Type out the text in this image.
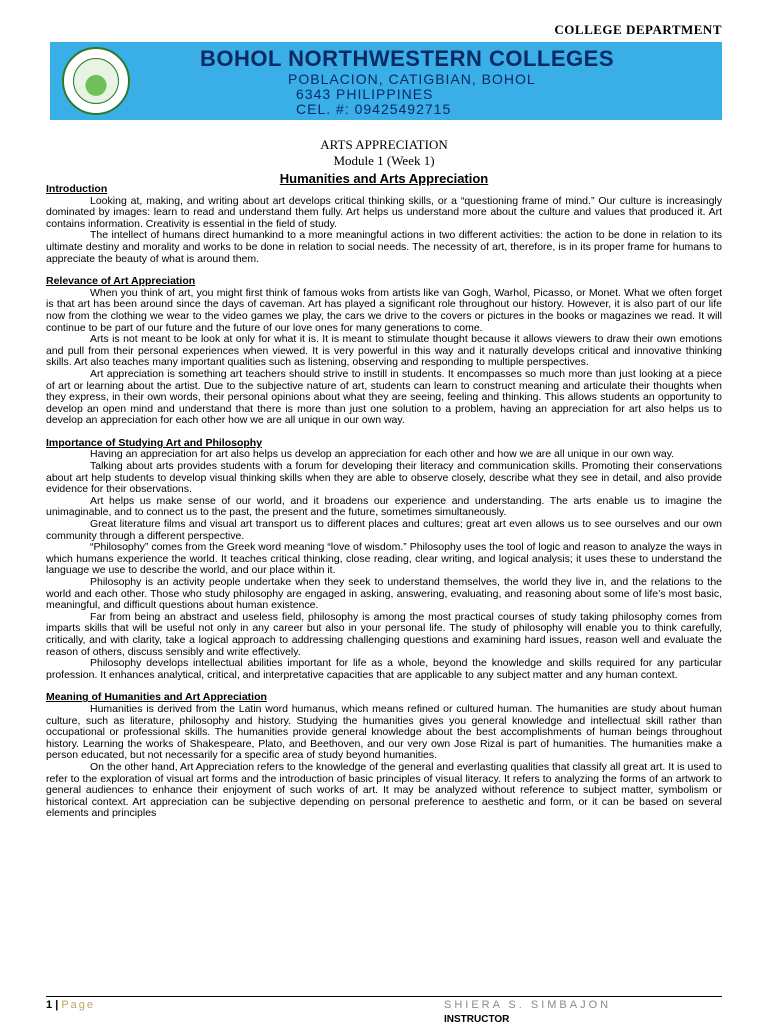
COLLEGE DEPARTMENT
BOHOL NORTHWESTERN COLLEGES
POBLACION, CATIGBIAN, BOHOL
6343 PHILIPPINES
CEL. #: 09425492715
ARTS APPRECIATION
Module 1 (Week 1)
Humanities and Arts Appreciation
Introduction

Looking at, making, and writing about art develops critical thinking skills, or a “questioning frame of mind.” Our culture is increasingly dominated by images: learn to read and understand them fully. Art helps us understand more about the culture and values that produced it. Art contains information. Creativity is essential in the field of study.

The intellect of humans direct humankind to a more meaningful actions in two different activities: the action to be done in relation to its ultimate destiny and morality and works to be done in relation to social needs. The necessity of art, therefore, is in its proper frame for humans to appreciate the beauty of what is around them.

Relevance of Art Appreciation

When you think of art, you might first think of famous woks from artists like van Gogh, Warhol, Picasso, or Monet. What we often forget is that art has been around since the days of caveman. Art has played a significant role throughout our history. However, it is also part of our life now from the clothing we wear to the video games we play, the cars we drive to the covers or pictures in the books or magazines we read. It will continue to be part of our future and the future of our love ones for many generations to come.

Arts is not meant to be look at only for what it is. It is meant to stimulate thought because it allows viewers to draw their own emotions and pull from their personal experiences when viewed. It is very powerful in this way and it naturally develops critical and innovative thinking skills. Art also teaches many important qualities such as listening, observing and responding to multiple perspectives.

Art appreciation is something art teachers should strive to instill in students. It encompasses so much more than just looking at a piece of art or learning about the artist. Due to the subjective nature of art, students can learn to construct meaning and articulate their thoughts when they express, in their own words, their personal opinions about what they are seeing, feeling and thinking. This allows students an opportunity to develop an open mind and understand that there is more than just one solution to a problem, having an appreciation for art also helps us to develop an appreciation for each other how we are all unique in our own way.

Importance of Studying Art and Philosophy

Having an appreciation for art also helps us develop an appreciation for each other and how we are all unique in our own way.

Talking about arts provides students with a forum for developing their literacy and communication skills. Promoting their conservations about art help students to develop visual thinking skills when they are able to observe closely, describe what they see in detail, and also provide evidence for their observations.

Art helps us make sense of our world, and it broadens our experience and understanding. The arts enable us to imagine the unimaginable, and to connect us to the past, the present and the future, sometimes simultaneously.

Great literature films and visual art transport us to different places and cultures; great art even allows us to see ourselves and our own community through a different perspective.

“Philosophy” comes from the Greek word meaning “love of wisdom.” Philosophy uses the tool of logic and reason to analyze the ways in which humans experience the world. It teaches critical thinking, close reading, clear writing, and logical analysis; it uses these to understand the language we use to describe the world, and our place within it.

Philosophy is an activity people undertake when they seek to understand themselves, the world they live in, and the relations to the world and each other. Those who study philosophy are engaged in asking, answering, evaluating, and reasoning about some of life’s most basic, meaningful, and difficult questions about human existence.

Far from being an abstract and useless field, philosophy is among the most practical courses of study taking philosophy comes from imparts skills that will be useful not only in any career but also in your personal life. The study of philosophy will enable you to think carefully, critically, and with clarity, take a logical approach to addressing challenging questions and examining hard issues, reason well and evaluate the reason of others, discuss sensibly and write effectively.

Philosophy develops intellectual abilities important for life as a whole, beyond the knowledge and skills required for any particular profession. It enhances analytical, critical, and interpretative capacities that are applicable to any subject matter and any human context.

Meaning of Humanities and Art Appreciation

Humanities is derived from the Latin word humanus, which means refined or cultured human. The humanities are study about human culture, such as literature, philosophy and history. Studying the humanities gives you general knowledge and intellectual skill rather than occupational or professional skills. The humanities provide general knowledge about the best accomplishments of human beings throughout history. Learning the works of Shakespeare, Plato, and Beethoven, and our very own Jose Rizal is part of humanities. The humanities make a person educated, but not necessarily for a specific area of study beyond humanities.

On the other hand, Art Appreciation refers to the knowledge of the general and everlasting qualities that classify all great art. It is used to refer to the exploration of visual art forms and the introduction of basic principles of visual literacy. It refers to analyzing the forms of an artwork to general audiences to enhance their enjoyment of such works of art. It may be analyzed without reference to subject matter, symbolism or historical context. Art appreciation can be subjective depending on personal preference to aesthetic and form, or it can be based on several elements and principles

1 | Page	SHIERA S. SIMBAJON
INSTRUCTOR
